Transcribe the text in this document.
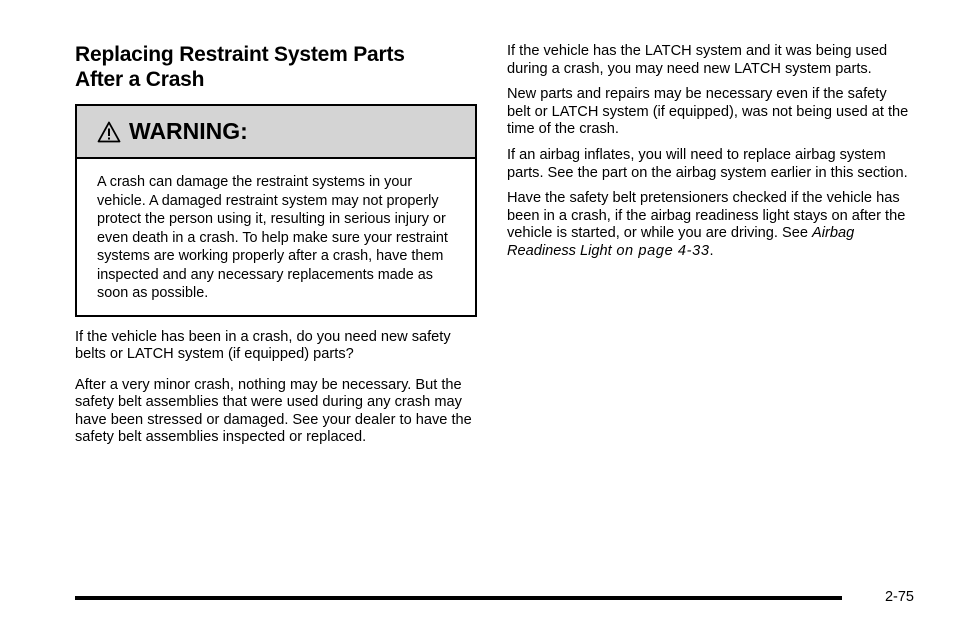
Replacing Restraint System Parts
After a Crash
WARNING:
A crash can damage the restraint systems in your vehicle. A damaged restraint system may not properly protect the person using it, resulting in serious injury or even death in a crash. To help make sure your restraint systems are working properly after a crash, have them inspected and any necessary replacements made as soon as possible.

If the vehicle has been in a crash, do you need new safety belts or LATCH system (if equipped) parts?

After a very minor crash, nothing may be necessary. But the safety belt assemblies that were used during any crash may have been stressed or damaged. See your dealer to have the safety belt assemblies inspected or replaced.

If the vehicle has the LATCH system and it was being used during a crash, you may need new LATCH system parts.

New parts and repairs may be necessary even if the safety belt or LATCH system (if equipped), was not being used at the time of the crash.

If an airbag inflates, you will need to replace airbag system parts. See the part on the airbag system earlier in this section.

Have the safety belt pretensioners checked if the vehicle has been in a crash, if the airbag readiness light stays on after the vehicle is started, or while you are driving. See Airbag Readiness Light on page 4-33.

2-75
